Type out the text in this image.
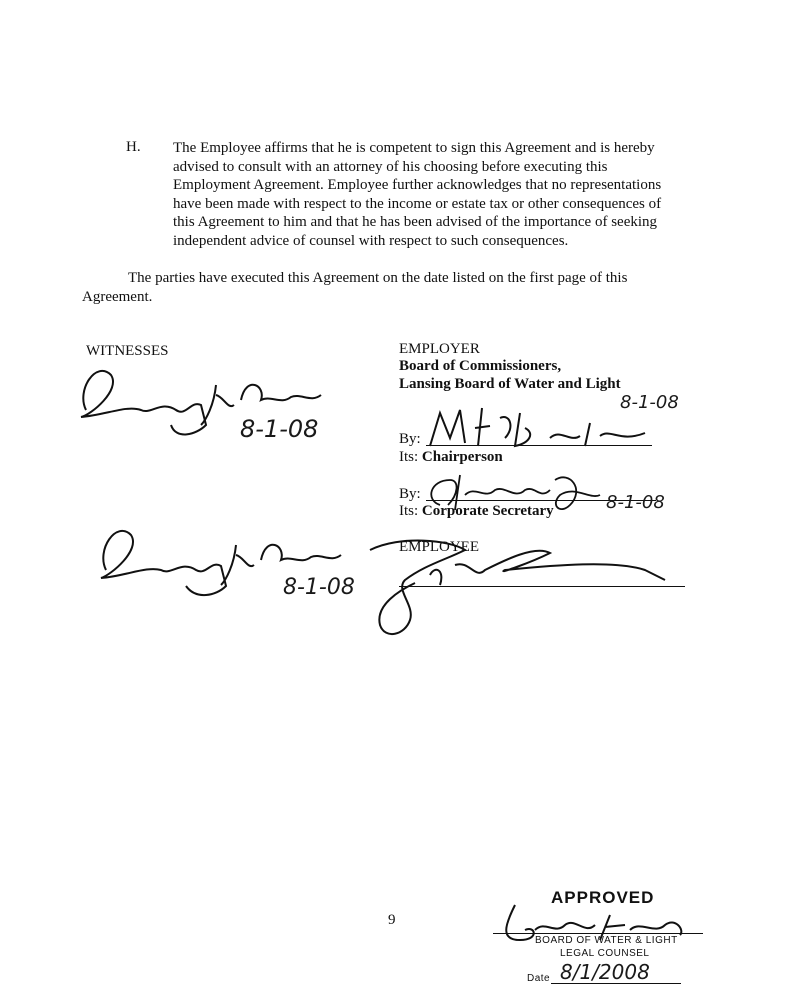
H. The Employee affirms that he is competent to sign this Agreement and is hereby advised to consult with an attorney of his choosing before executing this Employment Agreement. Employee further acknowledges that no representations have been made with respect to the income or estate tax or other consequences of this Agreement to him and that he has been advised of the importance of seeking independent advice of counsel with respect to such consequences.
The parties have executed this Agreement on the date listed on the first page of this Agreement.
WITNESSES
8-1-08
8-1-08
EMPLOYER
Board of Commissioners,
Lansing Board of Water and Light
8-1-08
By:
Its: Chairperson
By:	8-1-08
Its: Corporate Secretary
EMPLOYEE
9
APPROVED
BOARD OF WATER & LIGHT
LEGAL COUNSEL
Date 8/1/2008
